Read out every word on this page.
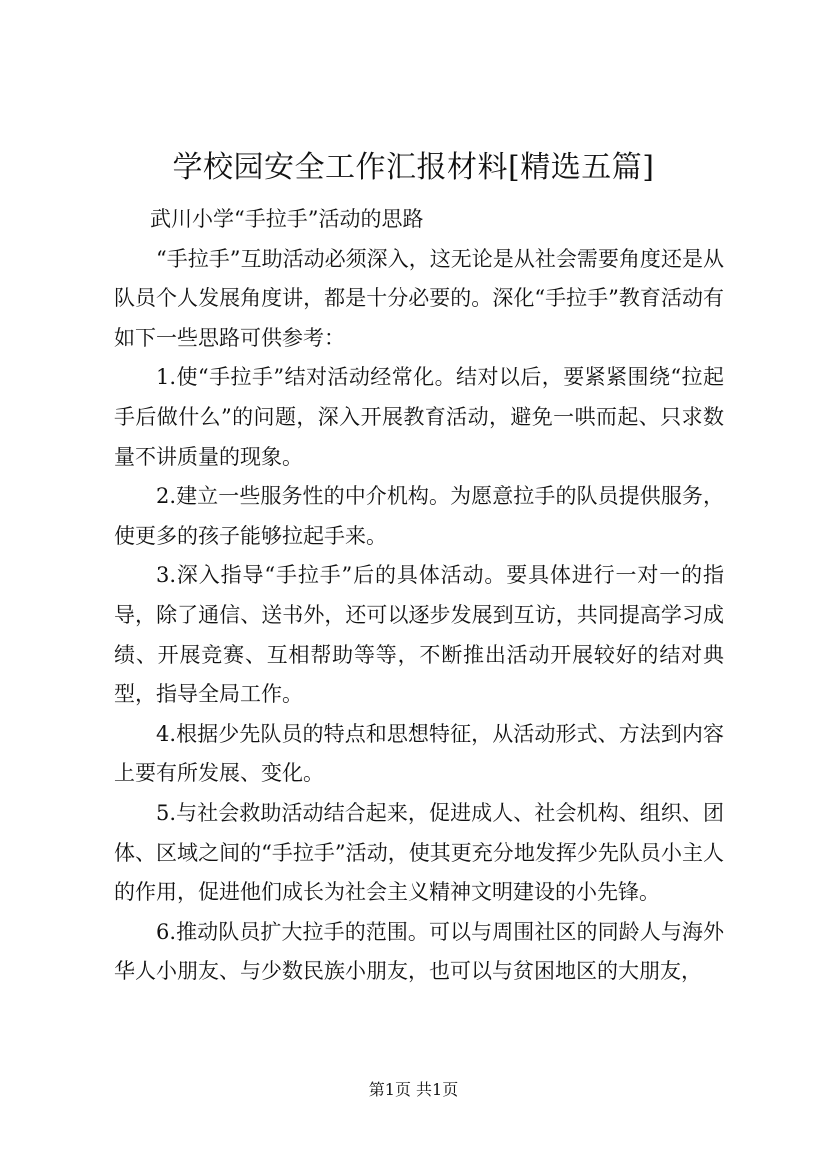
学校园安全工作汇报材料[精选五篇]

武川小学“手拉手”活动的思路

“手拉手”互助活动必须深入，这无论是从社会需要角度还是从队员个人发展角度讲，都是十分必要的。深化“手拉手”教育活动有如下一些思路可供参考：

1.使“手拉手”结对活动经常化。结对以后，要紧紧围绕“拉起手后做什么”的问题，深入开展教育活动，避免一哄而起、只求数量不讲质量的现象。

2.建立一些服务性的中介机构。为愿意拉手的队员提供服务，使更多的孩子能够拉起手来。

3.深入指导“手拉手”后的具体活动。要具体进行一对一的指导，除了通信、送书外，还可以逐步发展到互访，共同提高学习成绩、开展竞赛、互相帮助等等，不断推出活动开展较好的结对典型，指导全局工作。

4.根据少先队员的特点和思想特征，从活动形式、方法到内容上要有所发展、变化。

5.与社会救助活动结合起来，促进成人、社会机构、组织、团体、区域之间的“手拉手”活动，使其更充分地发挥少先队员小主人的作用，促进他们成长为社会主义精神文明建设的小先锋。

6.推动队员扩大拉手的范围。可以与周围社区的同龄人与海外华人小朋友、与少数民族小朋友，也可以与贫困地区的大朋友，

第1页 共1页
